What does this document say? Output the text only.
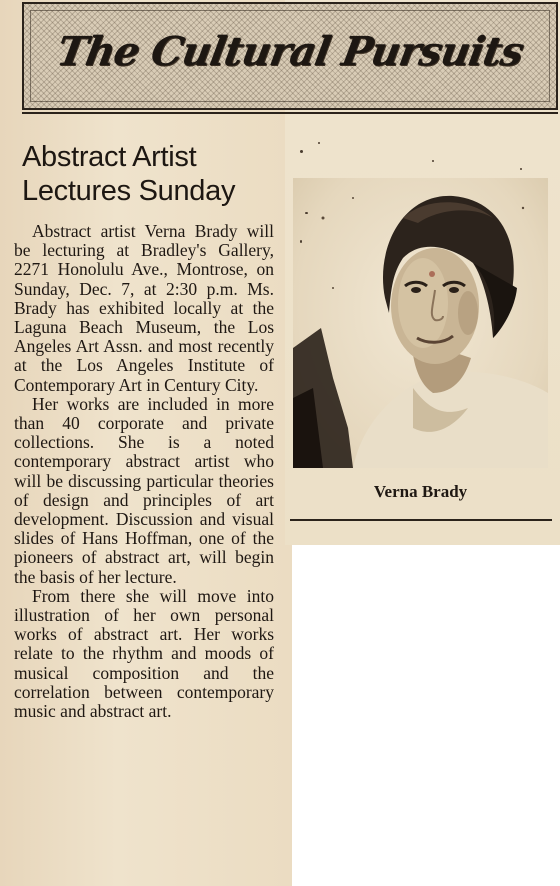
The Cultural Pursuits
Abstract Artist
Lectures Sunday

Abstract artist Verna Brady will be lecturing at Bradley's Gallery, 2271 Honolulu Ave., Montrose, on Sunday, Dec. 7, at 2:30 p.m. Ms. Brady has exhibited locally at the Laguna Beach Museum, the Los Angeles Art Assn. and most recently at the Los Angeles Institute of Contemporary Art in Century City.

Her works are included in more than 40 corporate and private collections. She is a noted contemporary abstract artist who will be discussing particular theories of design and principles of art development. Discussion and visual slides of Hans Hoffman, one of the pioneers of abstract art, will begin the basis of her lecture.

From there she will move into illustration of her own personal works of abstract art. Her works relate to the rhythm and moods of musical composition and the correlation between contemporary music and abstract art.

Verna Brady
